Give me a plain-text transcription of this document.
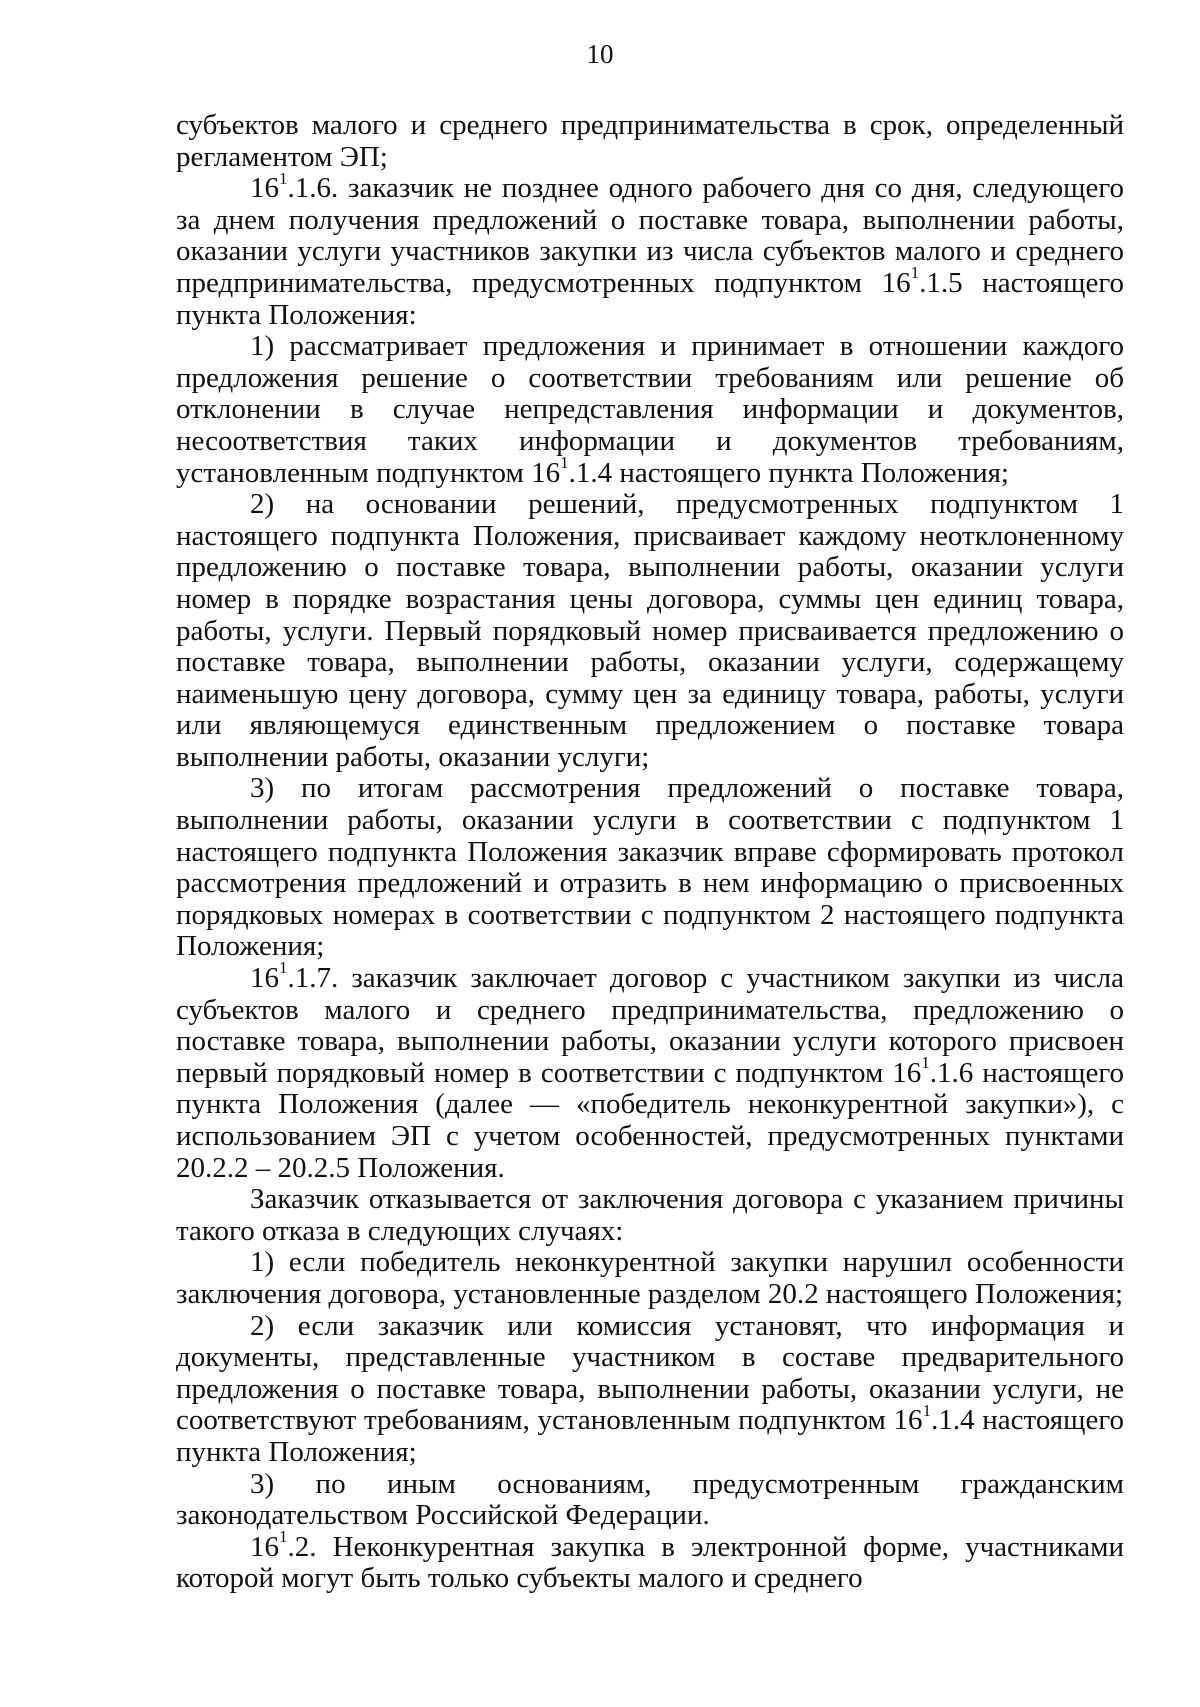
10

субъектов малого и среднего предпринимательства в срок, определенный регламентом ЭП;

$16^1.1.6$. заказчик не позднее одного рабочего дня со дня, следующего за днем получения предложений о поставке товара, выполнении работы, оказании услуги участников закупки из числа субъектов малого и среднего предпринимательства, предусмотренных подпунктом $16^1.1.5$ настоящего пункта Положения:

1) рассматривает предложения и принимает в отношении каждого предложения решение о соответствии требованиям или решение об отклонении в случае непредставления информации и документов, несоответствия таких информации и документов требованиям, установленным подпунктом $16^1.1.4$ настоящего пункта Положения;

2) на основании решений, предусмотренных подпунктом 1 настоящего подпункта Положения, присваивает каждому неотклоненному предложению о поставке товара, выполнении работы, оказании услуги номер в порядке возрастания цены договора, суммы цен единиц товара, работы, услуги. Первый порядковый номер присваивается предложению о поставке товара, выполнении работы, оказании услуги, содержащему наименьшую цену договора, сумму цен за единицу товара, работы, услуги или являющемуся единственным предложением о поставке товара выполнении работы, оказании услуги;

3) по итогам рассмотрения предложений о поставке товара, выполнении работы, оказании услуги в соответствии с подпунктом 1 настоящего подпункта Положения заказчик вправе сформировать протокол рассмотрения предложений и отразить в нем информацию о присвоенных порядковых номерах в соответствии с подпунктом 2 настоящего подпункта Положения;

$16^1.1.7$. заказчик заключает договор с участником закупки из числа субъектов малого и среднего предпринимательства, предложению о поставке товара, выполнении работы, оказании услуги которого присвоен первый порядковый номер в соответствии с подпунктом $16^1.1.6$ настоящего пункта Положения (далее — «победитель неконкурентной закупки»), с использованием ЭП с учетом особенностей, предусмотренных пунктами 20.2.2 – 20.2.5 Положения.

Заказчик отказывается от заключения договора с указанием причины такого отказа в следующих случаях:

1) если победитель неконкурентной закупки нарушил особенности заключения договора, установленные разделом 20.2 настоящего Положения;

2) если заказчик или комиссия установят, что информация и документы, представленные участником в составе предварительного предложения о поставке товара, выполнении работы, оказании услуги, не соответствуют требованиям, установленным подпунктом $16^1.1.4$ настоящего пункта Положения;

3) по иным основаниям, предусмотренным гражданским законодательством Российской Федерации.

$16^1.2$. Неконкурентная закупка в электронной форме, участниками которой могут быть только субъекты малого и среднего
